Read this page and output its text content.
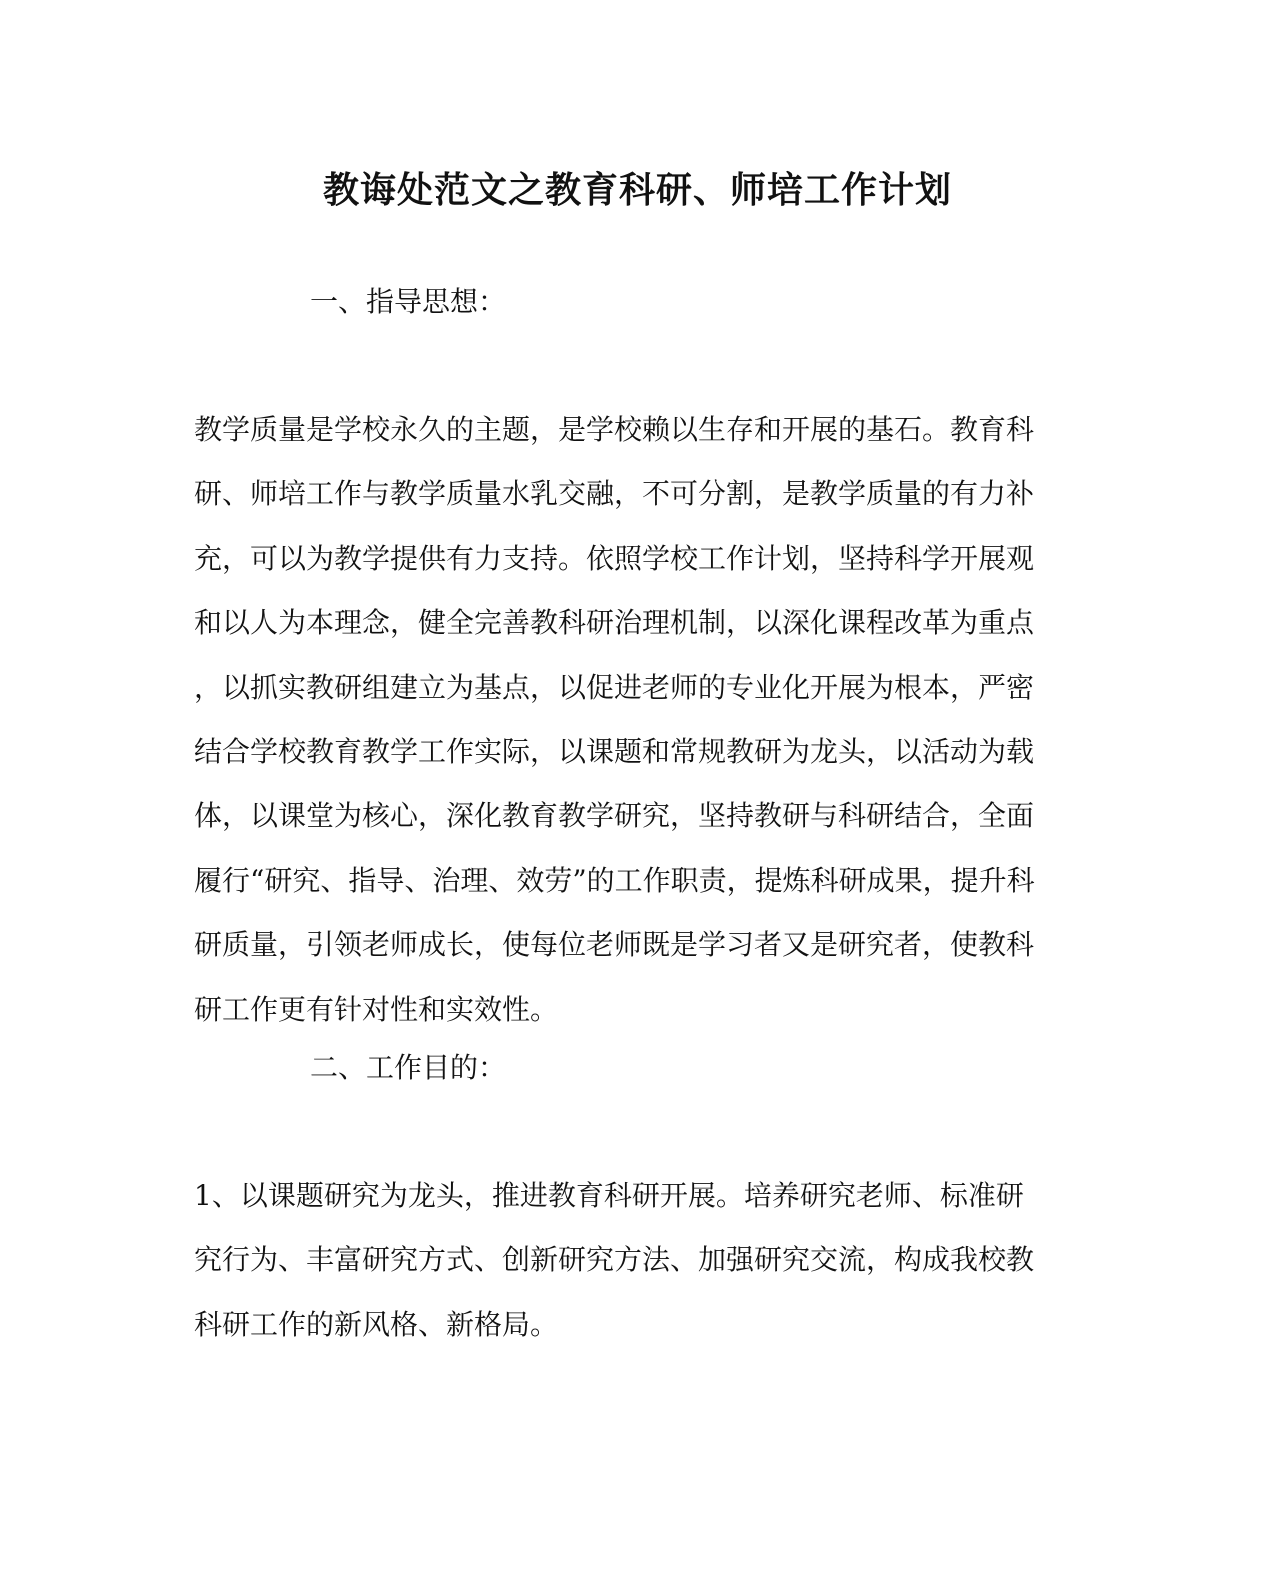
教诲处范文之教育科研、师培工作计划
一、指导思想：
教学质量是学校永久的主题，是学校赖以生存和开展的基石。教育科
研、师培工作与教学质量水乳交融，不可分割，是教学质量的有力补
充，可以为教学提供有力支持。依照学校工作计划，坚持科学开展观
和以人为本理念，健全完善教科研治理机制，以深化课程改革为重点
，以抓实教研组建立为基点，以促进老师的专业化开展为根本，严密
结合学校教育教学工作实际，以课题和常规教研为龙头，以活动为载
体，以课堂为核心，深化教育教学研究，坚持教研与科研结合，全面
履行“研究、指导、治理、效劳”的工作职责，提炼科研成果，提升科
研质量，引领老师成长，使每位老师既是学习者又是研究者，使教科
研工作更有针对性和实效性。
二、工作目的：
1、以课题研究为龙头，推进教育科研开展。培养研究老师、标准研
究行为、丰富研究方式、创新研究方法、加强研究交流，构成我校教
科研工作的新风格、新格局。
